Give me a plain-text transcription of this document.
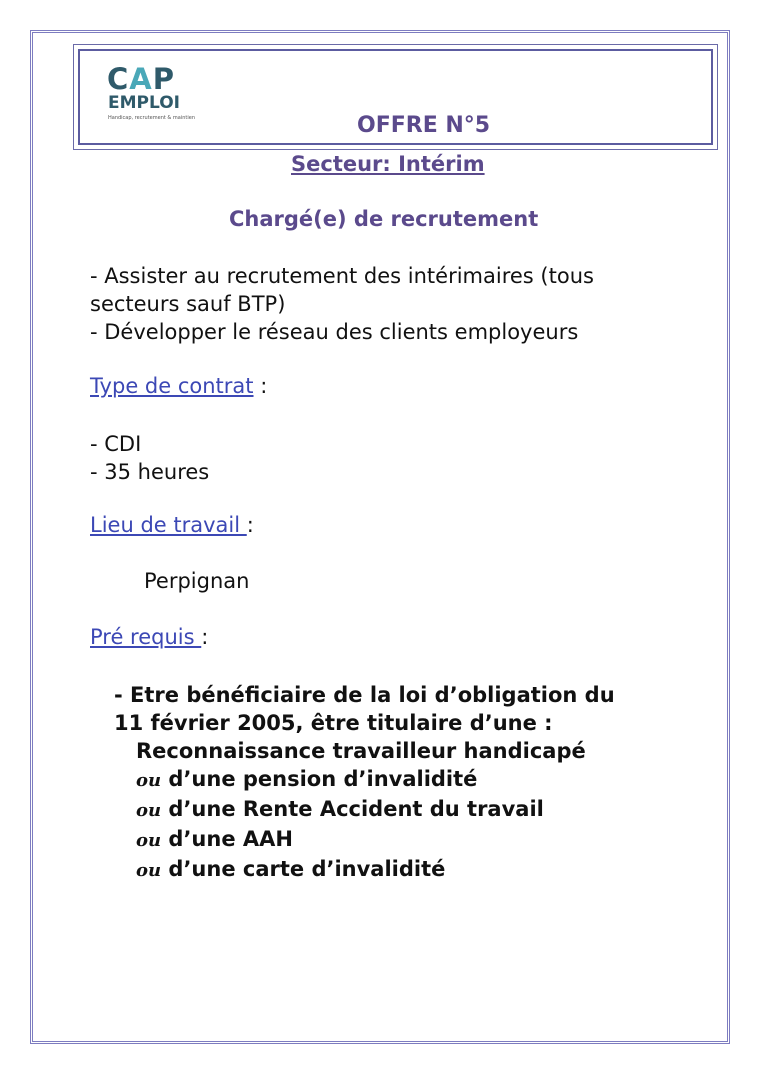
CAP
EMPLOI
Handicap, recrutement & maintien	OFFRE N°5
Secteur: Intérim
Chargé(e) de recrutement
- Assister au recrutement des intérimaires (tous secteurs sauf BTP)
- Développer le réseau des clients employeurs
Type de contrat :
- CDI
- 35 heures
Lieu de travail :
Perpignan
Pré requis :
- Etre bénéficiaire de la loi d’obligation du
11 février 2005, être titulaire d’une :
Reconnaissance travailleur handicapé
ou d’une pension d’invalidité
ou d’une Rente Accident du travail
ou d’une AAH
ou d’une carte d’invalidité
